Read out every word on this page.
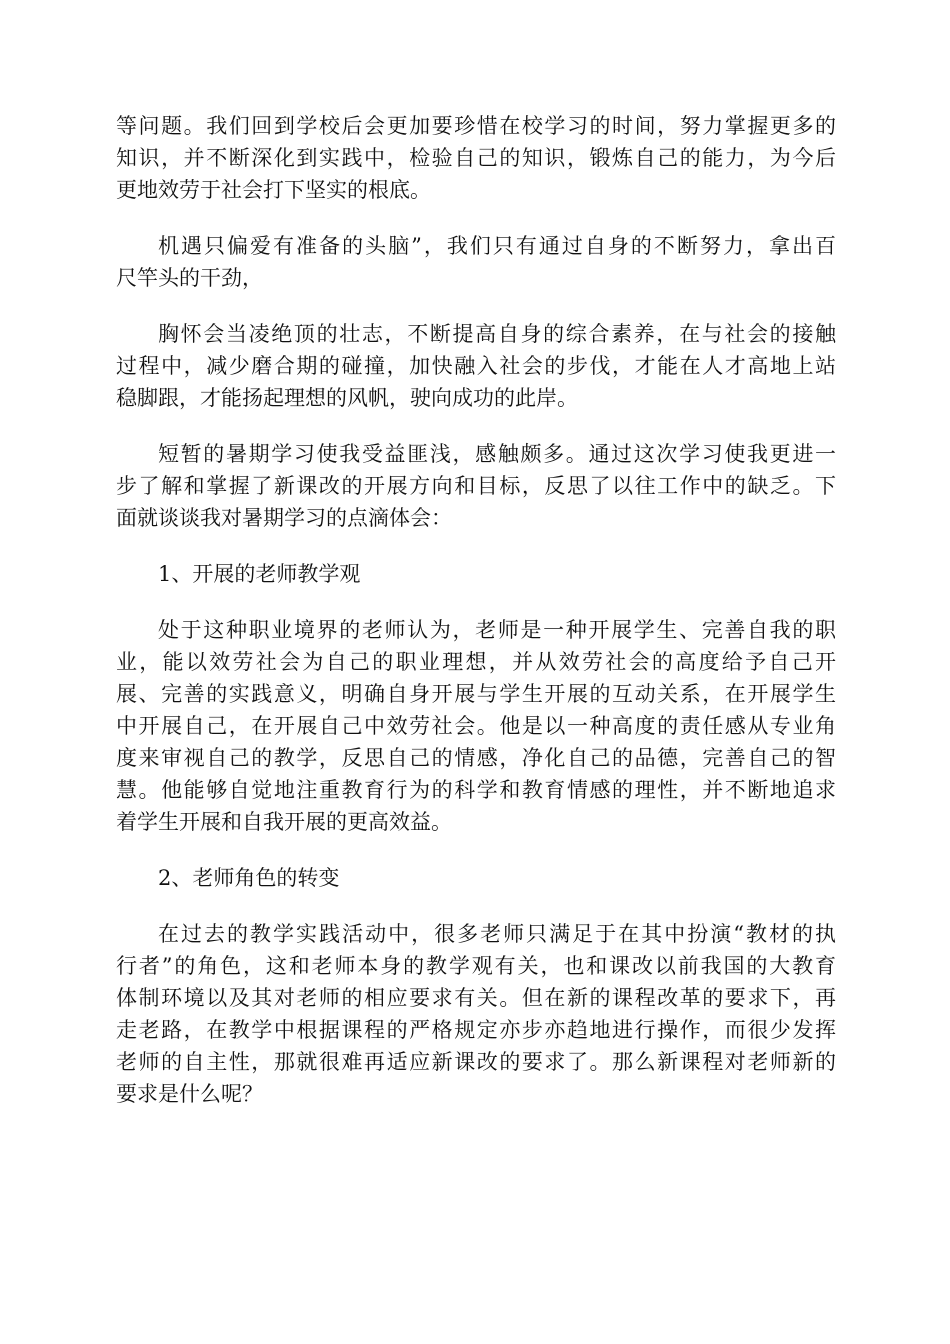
等问题。我们回到学校后会更加要珍惜在校学习的时间，努力掌握更多的
知识，并不断深化到实践中，检验自己的知识，锻炼自己的能力，为今后
更地效劳于社会打下坚实的根底。
机遇只偏爱有准备的头脑”，我们只有通过自身的不断努力，拿出百
尺竿头的干劲，
胸怀会当凌绝顶的壮志，不断提高自身的综合素养，在与社会的接触
过程中，减少磨合期的碰撞，加快融入社会的步伐，才能在人才高地上站
稳脚跟，才能扬起理想的风帆，驶向成功的此岸。
短暂的暑期学习使我受益匪浅，感触颇多。通过这次学习使我更进一
步了解和掌握了新课改的开展方向和目标，反思了以往工作中的缺乏。下
面就谈谈我对暑期学习的点滴体会：
1、开展的老师教学观
处于这种职业境界的老师认为，老师是一种开展学生、完善自我的职
业，能以效劳社会为自己的职业理想，并从效劳社会的高度给予自己开
展、完善的实践意义，明确自身开展与学生开展的互动关系，在开展学生
中开展自己，在开展自己中效劳社会。他是以一种高度的责任感从专业角
度来审视自己的教学，反思自己的情感，净化自己的品德，完善自己的智
慧。他能够自觉地注重教育行为的科学和教育情感的理性，并不断地追求
着学生开展和自我开展的更高效益。
2、老师角色的转变
在过去的教学实践活动中，很多老师只满足于在其中扮演“教材的执
行者”的角色，这和老师本身的教学观有关，也和课改以前我国的大教育
体制环境以及其对老师的相应要求有关。但在新的课程改革的要求下，再
走老路，在教学中根据课程的严格规定亦步亦趋地进行操作，而很少发挥
老师的自主性，那就很难再适应新课改的要求了。那么新课程对老师新的
要求是什么呢？
